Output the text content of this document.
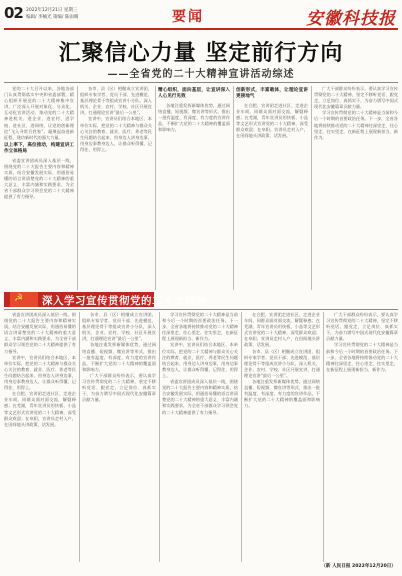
02 2022年12月21日 星期三
编辑/ 李楠光 策编/ 陈雨晴	要闻	安徽科技报
汇聚信心力量 坚定前行方向
——全省党的二十大精神宣讲活动综述

党的二十大召开以来，各地各部门认真贯彻落实中央和省委部署，精心组织开展党的二十大精神集中宣讲，广泛深入开展对象化、分众化、互动化宣讲活动，推动党的二十大精神进机关、进企业、进农村、进学校、进社区、进网络，让党的创新理论“飞入寻常百姓家”，凝聚起奋进新征程、建功新时代的强大力量。

以上率下，高位推动，构建宣讲工作立体格局

省委宣讲团成员深入基层一线，围绕党的二十大报告主要内容和精神实质，结合安徽发展实际，用通俗易懂的语言讲清楚党的二十大精神的重大意义、丰富内涵和实践要求，为全省干部群众学习领会党的二十大精神提供了有力指导。

各市、县（区）相继成立宣讲团，组织专家学者、党员干部、先进模范、基层理论骨干等组成宣讲小分队，深入机关、企业、农村、学校、社区开展宣讲，打通理论宣讲“最后一公里”。

宣讲中，宣讲员们结合本地区、本单位实际，把党的二十大精神与群众关心关注的教育、就业、医疗、养老等民生问题结合起来，用身边人讲身边事，用身边事教身边人，让群众听得懂、记得住、用得上。

精心组织，面向基层，让宣讲深入人心见行见效

各地注重发挥新媒体优势，通过网络直播、短视频、微宣讲等形式，推出一批有温度、有深度、有力度的宣讲作品，不断扩大党的二十大精神的覆盖面和影响力。

创新形式，丰富载体，让理论宣讲更接地气

在合肥，宣讲团走进社区、走进企业车间，同群众面对面交流，解疑释惑；在芜湖，青年宣讲员用快板、小品等文艺形式宣讲党的二十大精神，深受群众欢迎；在阜阳，宣讲员走村入户，在田间地头讲政策、话发展。

广大干部群众纷纷表示，要认真学习宣传贯彻党的二十大精神，坚定不移听党话、跟党走，立足岗位、真抓实干，为奋力谱写中国式现代化安徽篇章贡献力量。

学习宣传贯彻党的二十大精神是当前和今后一个时期的首要政治任务。下一步，全省各地将持续推动党的二十大精神往深里走、往心里走、往实里走，在新征程上展现新担当、新作为。

☭ 深入学习宣传贯彻党的二十大精神

省委宣讲团成员深入基层一线，围绕党的二十大报告主要内容和精神实质，结合安徽发展实际，用通俗易懂的语言讲清楚党的二十大精神的重大意义、丰富内涵和实践要求，为全省干部群众学习领会党的二十大精神提供了有力指导。

宣讲中，宣讲员们结合本地区、本单位实际，把党的二十大精神与群众关心关注的教育、就业、医疗、养老等民生问题结合起来，用身边人讲身边事，用身边事教身边人，让群众听得懂、记得住、用得上。

在合肥，宣讲团走进社区、走进企业车间，同群众面对面交流，解疑释惑；在芜湖，青年宣讲员用快板、小品等文艺形式宣讲党的二十大精神，深受群众欢迎；在阜阳，宣讲员走村入户，在田间地头讲政策、话发展。

各市、县（区）相继成立宣讲团，组织专家学者、党员干部、先进模范、基层理论骨干等组成宣讲小分队，深入机关、企业、农村、学校、社区开展宣讲，打通理论宣讲“最后一公里”。

各地注重发挥新媒体优势，通过网络直播、短视频、微宣讲等形式，推出一批有温度、有深度、有力度的宣讲作品，不断扩大党的二十大精神的覆盖面和影响力。

广大干部群众纷纷表示，要认真学习宣传贯彻党的二十大精神，坚定不移听党话、跟党走，立足岗位、真抓实干，为奋力谱写中国式现代化安徽篇章贡献力量。

学习宣传贯彻党的二十大精神是当前和今后一个时期的首要政治任务。下一步，全省各地将持续推动党的二十大精神往深里走、往心里走、往实里走，在新征程上展现新担当、新作为。

宣讲中，宣讲员们结合本地区、本单位实际，把党的二十大精神与群众关心关注的教育、就业、医疗、养老等民生问题结合起来，用身边人讲身边事，用身边事教身边人，让群众听得懂、记得住、用得上。

省委宣讲团成员深入基层一线，围绕党的二十大报告主要内容和精神实质，结合安徽发展实际，用通俗易懂的语言讲清楚党的二十大精神的重大意义、丰富内涵和实践要求，为全省干部群众学习领会党的二十大精神提供了有力指导。

在合肥，宣讲团走进社区、走进企业车间，同群众面对面交流，解疑释惑；在芜湖，青年宣讲员用快板、小品等文艺形式宣讲党的二十大精神，深受群众欢迎；在阜阳，宣讲员走村入户，在田间地头讲政策、话发展。

各市、县（区）相继成立宣讲团，组织专家学者、党员干部、先进模范、基层理论骨干等组成宣讲小分队，深入机关、企业、农村、学校、社区开展宣讲，打通理论宣讲“最后一公里”。

各地注重发挥新媒体优势，通过网络直播、短视频、微宣讲等形式，推出一批有温度、有深度、有力度的宣讲作品，不断扩大党的二十大精神的覆盖面和影响力。

广大干部群众纷纷表示，要认真学习宣传贯彻党的二十大精神，坚定不移听党话、跟党走，立足岗位、真抓实干，为奋力谱写中国式现代化安徽篇章贡献力量。

学习宣传贯彻党的二十大精神是当前和今后一个时期的首要政治任务。下一步，全省各地将持续推动党的二十大精神往深里走、往心里走、往实里走，在新征程上展现新担当、新作为。

（新 人民日报 2022年12月20日）
